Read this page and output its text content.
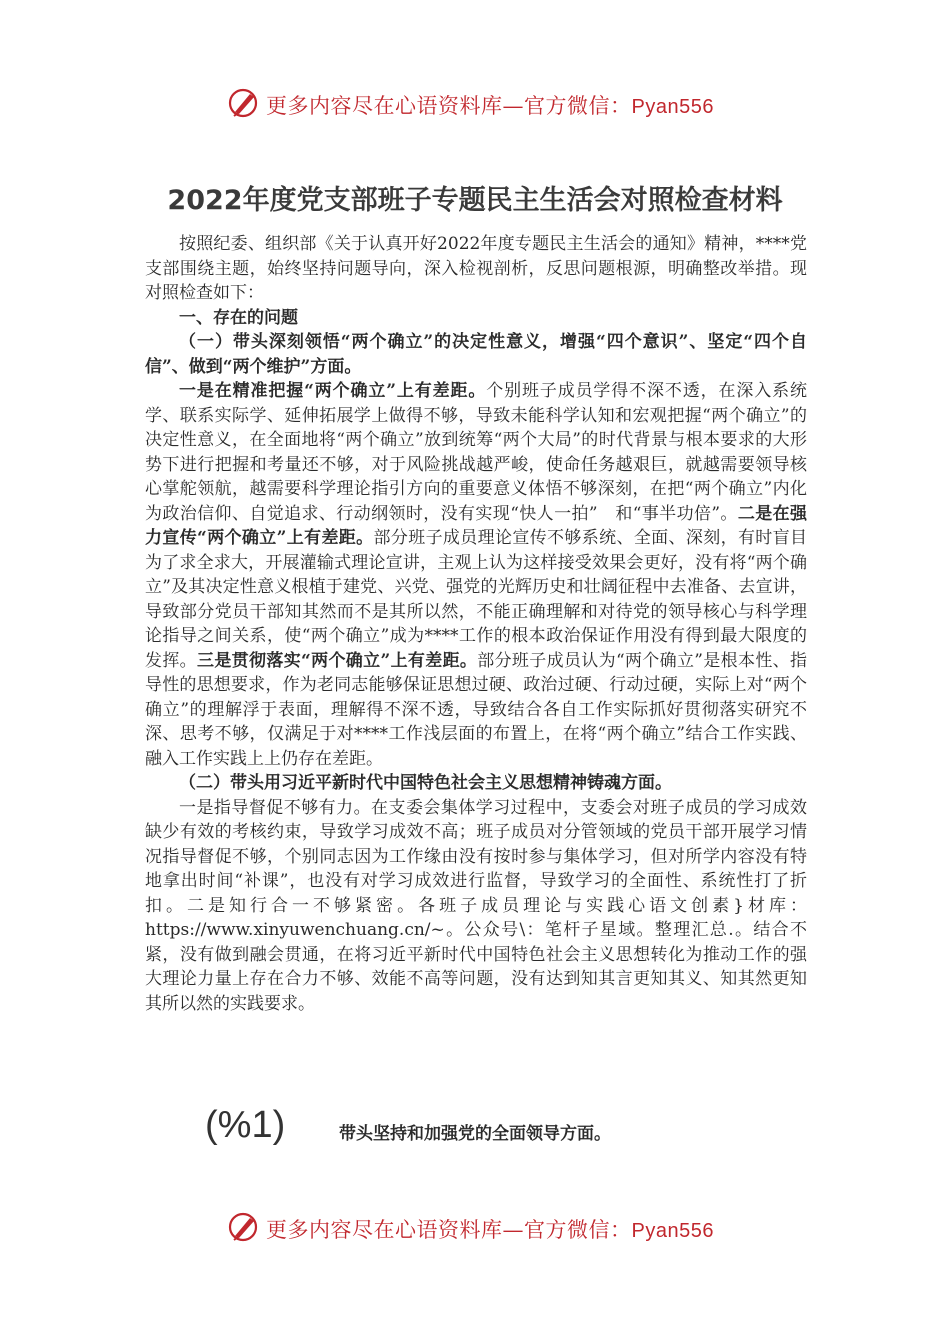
更多内容尽在心语资料库—官方微信：Pyan556
2022年度党支部班子专题民主生活会对照检查材料

按照纪委、组织部《关于认真开好2022年度专题民主生活会的通知》精神，****党支部围绕主题，始终坚持问题导向，深入检视剖析，反思问题根源，明确整改举措。现对照检查如下：

一、存在的问题

（一）带头深刻领悟“两个确立”的决定性意义，增强“四个意识”、坚定“四个自信”、做到“两个维护”方面。

一是在精准把握“两个确立”上有差距。个别班子成员学得不深不透，在深入系统学、联系实际学、延伸拓展学上做得不够，导致未能科学认知和宏观把握“两个确立”的决定性意义，在全面地将“两个确立”放到统筹“两个大局”的时代背景与根本要求的大形势下进行把握和考量还不够，对于风险挑战越严峻，使命任务越艰巨，就越需要领导核心掌舵领航，越需要科学理论指引方向的重要意义体悟不够深刻，在把“两个确立”内化为政治信仰、自觉追求、行动纲领时，没有实现“快人一拍”　和“事半功倍”。二是在强力宣传“两个确立”上有差距。部分班子成员理论宣传不够系统、全面、深刻，有时盲目为了求全求大，开展灌输式理论宣讲，主观上认为这样接受效果会更好，没有将“两个确立”及其决定性意义根植于建党、兴党、强党的光辉历史和壮阔征程中去准备、去宣讲，导致部分党员干部知其然而不是其所以然，不能正确理解和对待党的领导核心与科学理论指导之间关系，使“两个确立”成为****工作的根本政治保证作用没有得到最大限度的发挥。三是贯彻落实“两个确立”上有差距。部分班子成员认为“两个确立”是根本性、指导性的思想要求，作为老同志能够保证思想过硬、政治过硬、行动过硬，实际上对“两个确立”的理解浮于表面，理解得不深不透，导致结合各自工作实际抓好贯彻落实研究不深、思考不够，仅满足于对****工作浅层面的布置上，在将“两个确立”结合工作实践、融入工作实践上上仍存在差距。

（二）带头用习近平新时代中国特色社会主义思想精神铸魂方面。

一是指导督促不够有力。在支委会集体学习过程中，支委会对班子成员的学习成效缺少有效的考核约束，导致学习成效不高；班子成员对分管领域的党员干部开展学习情况指导督促不够，个别同志因为工作缘由没有按时参与集体学习，但对所学内容没有特地拿出时间“补课”，也没有对学习成效进行监督，导致学习的全面性、系统性打了折扣。二是知行合一不够紧密。各班子成员理论与实践心语文创素}材库：https://www.xinyuwenchuang.cn/~。公众号\：笔杆子星域。整理汇总.。结合不紧，没有做到融会贯通，在将习近平新时代中国特色社会主义思想转化为推动工作的强大理论力量上存在合力不够、效能不高等问题，没有达到知其言更知其义、知其然更知其所以然的实践要求。

(%1)	带头坚持和加强党的全面领导方面。
更多内容尽在心语资料库—官方微信：Pyan556
